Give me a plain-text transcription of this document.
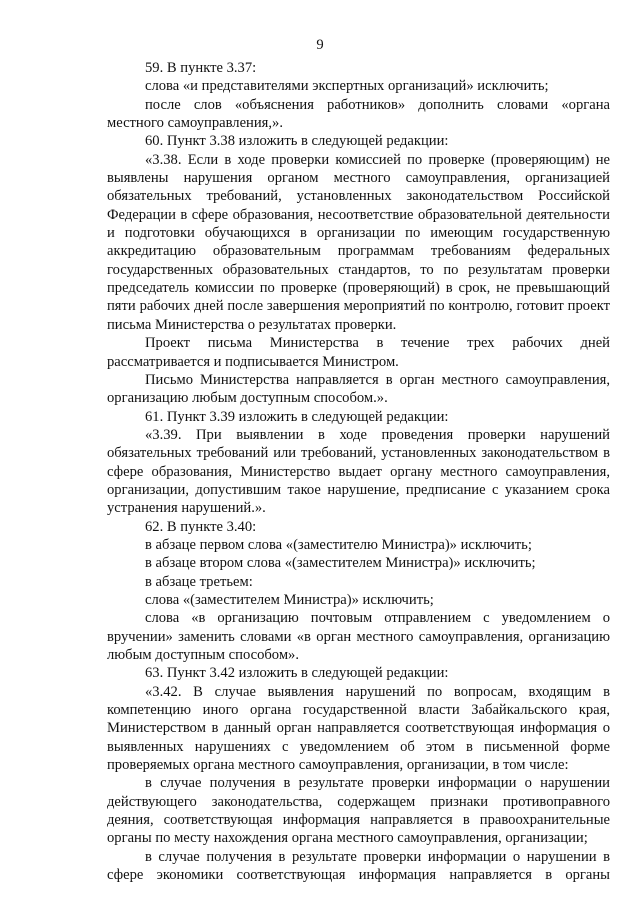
9

59. В пункте 3.37:

слова «и представителями экспертных организаций» исключить;

после слов «объяснения работников» дополнить словами «органа местного самоуправления,».

60. Пункт 3.38 изложить в следующей редакции:

«3.38. Если в ходе проверки комиссией по проверке (проверяющим) не выявлены нарушения органом местного самоуправления, организацией обязательных требований, установленных законодательством Российской Федерации в сфере образования, несоответствие образовательной деятельности и подготовки обучающихся в организации по имеющим государственную аккредитацию образовательным программам требованиям федеральных государственных образовательных стандартов, то по результатам проверки председатель комиссии по проверке (проверяющий) в срок, не превышающий пяти рабочих дней после завершения мероприятий по контролю, готовит проект письма Министерства о результатах проверки.

Проект письма Министерства в течение трех рабочих дней рассматривается и подписывается Министром.

Письмо Министерства направляется в орган местного самоуправления, организацию любым доступным способом.».

61. Пункт 3.39 изложить в следующей редакции:

«3.39. При выявлении в ходе проведения проверки нарушений обязательных требований или требований, установленных законодательством в сфере образования, Министерство выдает органу местного самоуправления, организации, допустившим такое нарушение, предписание с указанием срока устранения нарушений.».

62. В пункте 3.40:

в абзаце первом слова «(заместителю Министра)» исключить;

в абзаце втором слова «(заместителем Министра)» исключить;

в абзаце третьем:

слова «(заместителем Министра)» исключить;

слова «в организацию почтовым отправлением с уведомлением о вручении» заменить словами «в орган местного самоуправления, организацию любым доступным способом».

63. Пункт 3.42 изложить в следующей редакции:

«3.42. В случае выявления нарушений по вопросам, входящим в компетенцию иного органа государственной власти Забайкальского края, Министерством в данный орган направляется соответствующая информация о выявленных нарушениях с уведомлением об этом в письменной форме проверяемых органа местного самоуправления, организации, в том числе:

в случае получения в результате проверки информации о нарушении действующего законодательства, содержащем признаки противоправного деяния, соответствующая информация направляется в правоохранительные органы по месту нахождения органа местного самоуправления, организации;

в случае получения в результате проверки информации о нарушении в сфере экономики соответствующая информация направляется в органы
